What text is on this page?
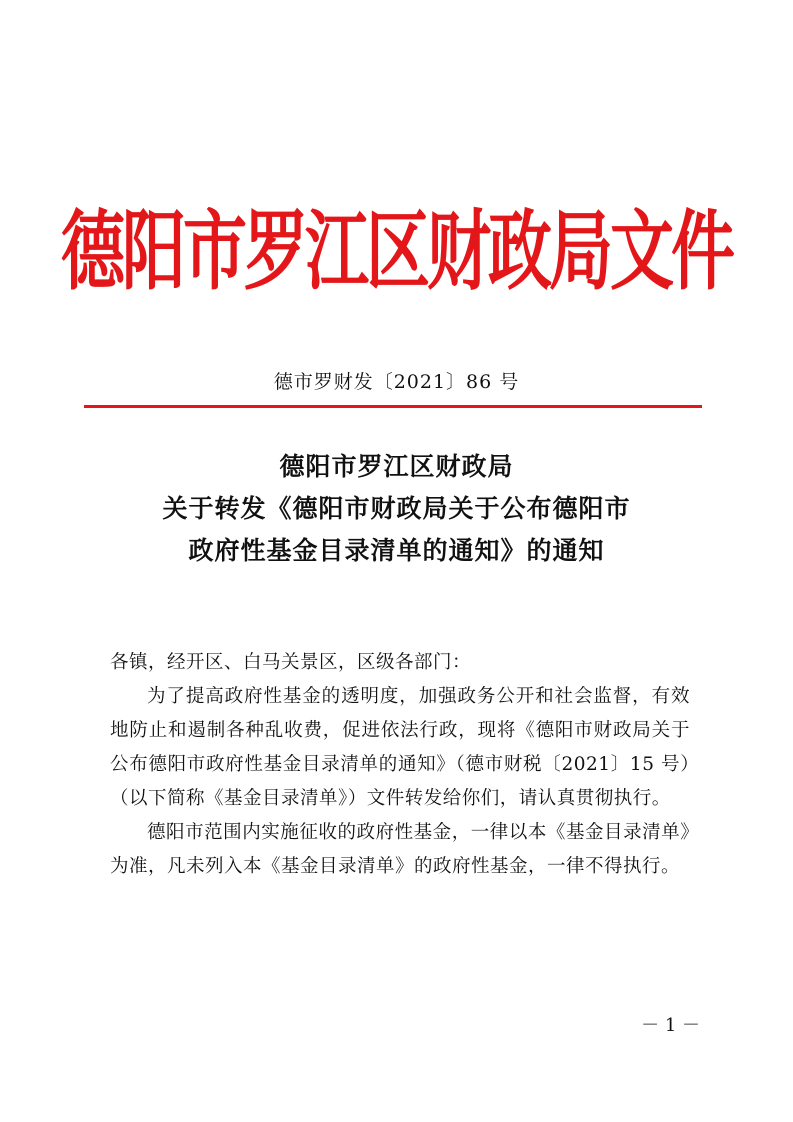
德阳市罗江区财政局文件
德市罗财发〔2021〕86 号
德阳市罗江区财政局
关于转发《德阳市财政局关于公布德阳市
政府性基金目录清单的通知》的通知

各镇，经开区、白马关景区，区级各部门：

为了提高政府性基金的透明度，加强政务公开和社会监督，有效地防止和遏制各种乱收费，促进依法行政，现将《德阳市财政局关于公布德阳市政府性基金目录清单的通知》（德市财税〔2021〕15 号）（以下简称《基金目录清单》）文件转发给你们，请认真贯彻执行。

德阳市范围内实施征收的政府性基金，一律以本《基金目录清单》为准，凡未列入本《基金目录清单》的政府性基金，一律不得执行。

－ 1 －
